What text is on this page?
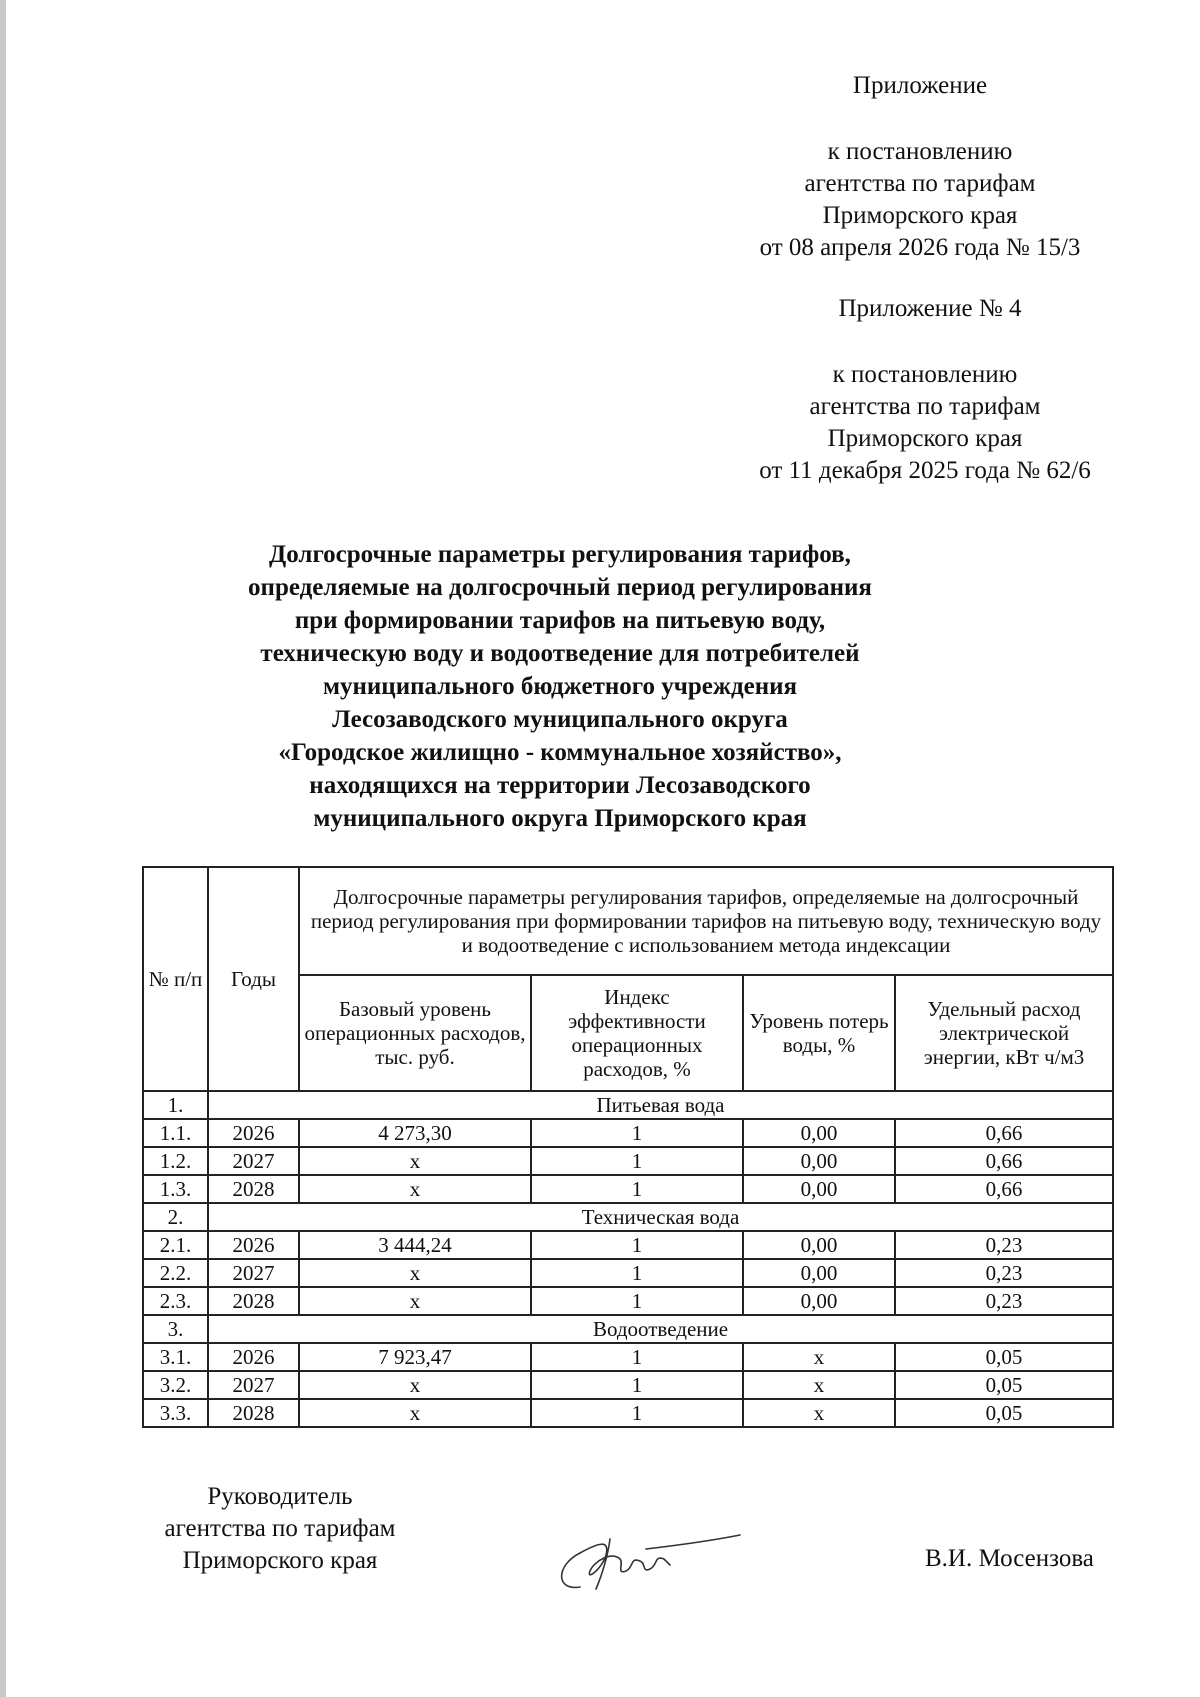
Приложение
к постановлению
агентства по тарифам
Приморского края
от 08 апреля 2026 года № 15/3
Приложение № 4
к постановлению
агентства по тарифам
Приморского края
от 11 декабря 2025 года № 62/6
Долгосрочные параметры регулирования тарифов,
определяемые на долгосрочный период регулирования
при формировании тарифов на питьевую воду,
техническую воду и водоотведение для потребителей
муниципального бюджетного учреждения
Лесозаводского муниципального округа
«Городское жилищно - коммунальное хозяйство»,
находящихся на территории Лесозаводского
муниципального округа Приморского края
№ п/п	Годы	Долгосрочные параметры регулирования тарифов, определяемые на долгосрочный период регулирования при формировании тарифов на питьевую воду, техническую воду и водоотведение с использованием метода индексации			
		Базовый уровень операционных расходов, тыс. руб.	Индекс эффективности операционных расходов, %	Уровень потерь воды, %	Удельный расход электрической энергии, кВт ч/м3
1.	Питьевая вода				
1.1.	2026	4 273,30	1	0,00	0,66
1.2.	2027	х	1	0,00	0,66
1.3.	2028	х	1	0,00	0,66
2.	Техническая вода				
2.1.	2026	3 444,24	1	0,00	0,23
2.2.	2027	х	1	0,00	0,23
2.3.	2028	х	1	0,00	0,23
3.	Водоотведение				
3.1.	2026	7 923,47	1	х	0,05
3.2.	2027	х	1	х	0,05
3.3.	2028	х	1	х	0,05
Руководитель
агентства по тарифам
Приморского края	В.И. Мосензова
